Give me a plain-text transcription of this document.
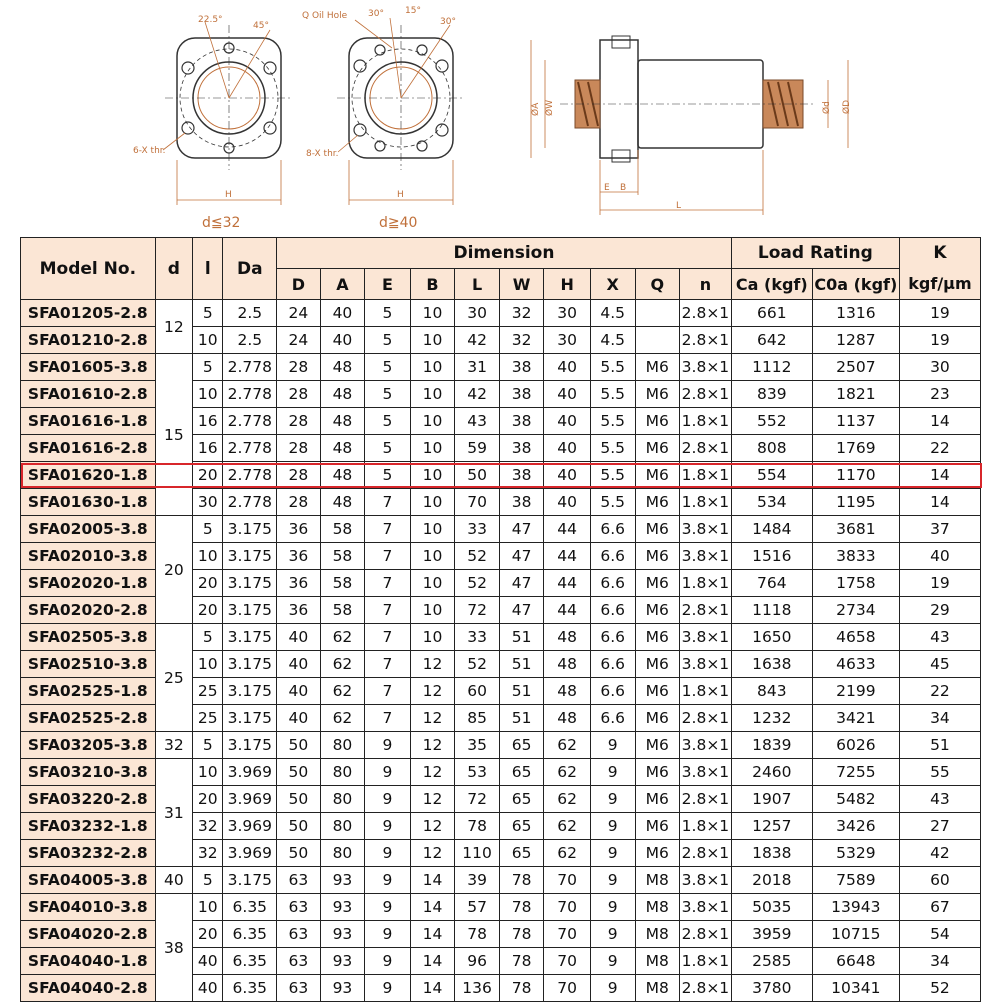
22.5°
45°
6-X thr.
H
Q Oil Hole 30° 15°
30°
8-X thr.
H
ØA ØW	Ød ØD
E B
L
d≦32	d≧40
Model No.	d	l	Da	Dimension										Load Rating		K
				D	A	E	B	L	W	H	X	Q	n	Ca (kgf)	C0a (kgf)	kgf/μm
SFA01205-2.8	12	5	2.5	24	40	5	10	30	32	30	4.5		2.8×1	661	1316	19
SFA01210-2.8		10	2.5	24	40	5	10	42	32	30	4.5		2.8×1	642	1287	19
SFA01605-3.8	15	5	2.778	28	48	5	10	31	38	40	5.5	M6	3.8×1	1112	2507	30
SFA01610-2.8		10	2.778	28	48	5	10	42	38	40	5.5	M6	2.8×1	839	1821	23
SFA01616-1.8		16	2.778	28	48	5	10	43	38	40	5.5	M6	1.8×1	552	1137	14
SFA01616-2.8		16	2.778	28	48	5	10	59	38	40	5.5	M6	2.8×1	808	1769	22
SFA01620-1.8		20	2.778	28	48	5	10	50	38	40	5.5	M6	1.8×1	554	1170	14
SFA01630-1.8		30	2.778	28	48	7	10	70	38	40	5.5	M6	1.8×1	534	1195	14
SFA02005-3.8	20	5	3.175	36	58	7	10	33	47	44	6.6	M6	3.8×1	1484	3681	37
SFA02010-3.8		10	3.175	36	58	7	10	52	47	44	6.6	M6	3.8×1	1516	3833	40
SFA02020-1.8		20	3.175	36	58	7	10	52	47	44	6.6	M6	1.8×1	764	1758	19
SFA02020-2.8		20	3.175	36	58	7	10	72	47	44	6.6	M6	2.8×1	1118	2734	29
SFA02505-3.8	25	5	3.175	40	62	7	10	33	51	48	6.6	M6	3.8×1	1650	4658	43
SFA02510-3.8		10	3.175	40	62	7	12	52	51	48	6.6	M6	3.8×1	1638	4633	45
SFA02525-1.8		25	3.175	40	62	7	12	60	51	48	6.6	M6	1.8×1	843	2199	22
SFA02525-2.8		25	3.175	40	62	7	12	85	51	48	6.6	M6	2.8×1	1232	3421	34
SFA03205-3.8	32	5	3.175	50	80	9	12	35	65	62	9	M6	3.8×1	1839	6026	51
SFA03210-3.8	31	10	3.969	50	80	9	12	53	65	62	9	M6	3.8×1	2460	7255	55
SFA03220-2.8		20	3.969	50	80	9	12	72	65	62	9	M6	2.8×1	1907	5482	43
SFA03232-1.8		32	3.969	50	80	9	12	78	65	62	9	M6	1.8×1	1257	3426	27
SFA03232-2.8		32	3.969	50	80	9	12	110	65	62	9	M6	2.8×1	1838	5329	42
SFA04005-3.8	40	5	3.175	63	93	9	14	39	78	70	9	M8	3.8×1	2018	7589	60
SFA04010-3.8	38	10	6.35	63	93	9	14	57	78	70	9	M8	3.8×1	5035	13943	67
SFA04020-2.8		20	6.35	63	93	9	14	78	78	70	9	M8	2.8×1	3959	10715	54
SFA04040-1.8		40	6.35	63	93	9	14	96	78	70	9	M8	1.8×1	2585	6648	34
SFA04040-2.8		40	6.35	63	93	9	14	136	78	70	9	M8	2.8×1	3780	10341	52
